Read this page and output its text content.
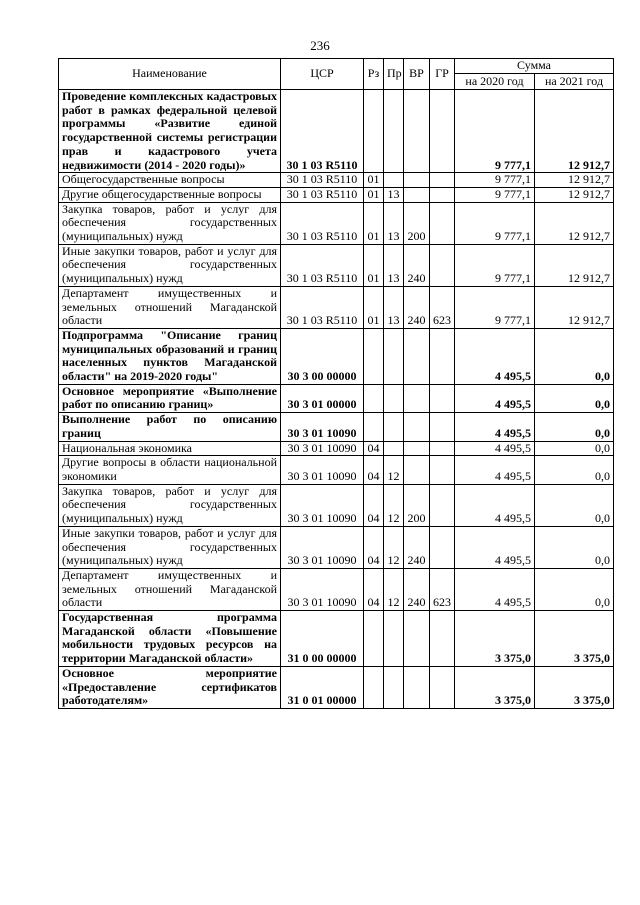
236
Наименование	ЦСР	Рз	Пр	ВР	ГР	Сумма	
						на 2020 год	на 2021 год
Проведение комплексных кадастровых работ в рамках федеральной целевой программы «Развитие единой государственной системы регистрации прав и кадастрового учета недвижимости (2014 - 2020 годы)»	30 1 03 R5110					9 777,1	12 912,7
Общегосударственные вопросы	30 1 03 R5110	01				9 777,1	12 912,7
Другие общегосударственные вопросы	30 1 03 R5110	01	13			9 777,1	12 912,7
Закупка товаров, работ и услуг для обеспечения государственных (муниципальных) нужд	30 1 03 R5110	01	13	200		9 777,1	12 912,7
Иные закупки товаров, работ и услуг для обеспечения государственных (муниципальных) нужд	30 1 03 R5110	01	13	240		9 777,1	12 912,7
Департамент имущественных и земельных отношений Магаданской области	30 1 03 R5110	01	13	240	623	9 777,1	12 912,7
Подпрограмма "Описание границ муниципальных образований и границ населенных пунктов Магаданской области" на 2019-2020 годы"	30 3 00 00000					4 495,5	0,0
Основное мероприятие «Выполнение работ по описанию границ»	30 3 01 00000					4 495,5	0,0
Выполнение работ по описанию границ	30 3 01 10090					4 495,5	0,0
Национальная экономика	30 3 01 10090	04				4 495,5	0,0
Другие вопросы в области национальной экономики	30 3 01 10090	04	12			4 495,5	0,0
Закупка товаров, работ и услуг для обеспечения государственных (муниципальных) нужд	30 3 01 10090	04	12	200		4 495,5	0,0
Иные закупки товаров, работ и услуг для обеспечения государственных (муниципальных) нужд	30 3 01 10090	04	12	240		4 495,5	0,0
Департамент имущественных и земельных отношений Магаданской области	30 3 01 10090	04	12	240	623	4 495,5	0,0
Государственная программа Магаданской области «Повышение мобильности трудовых ресурсов на территории Магаданской области»	31 0 00 00000					3 375,0	3 375,0
Основное мероприятие «Предоставление сертификатов работодателям»	31 0 01 00000					3 375,0	3 375,0
